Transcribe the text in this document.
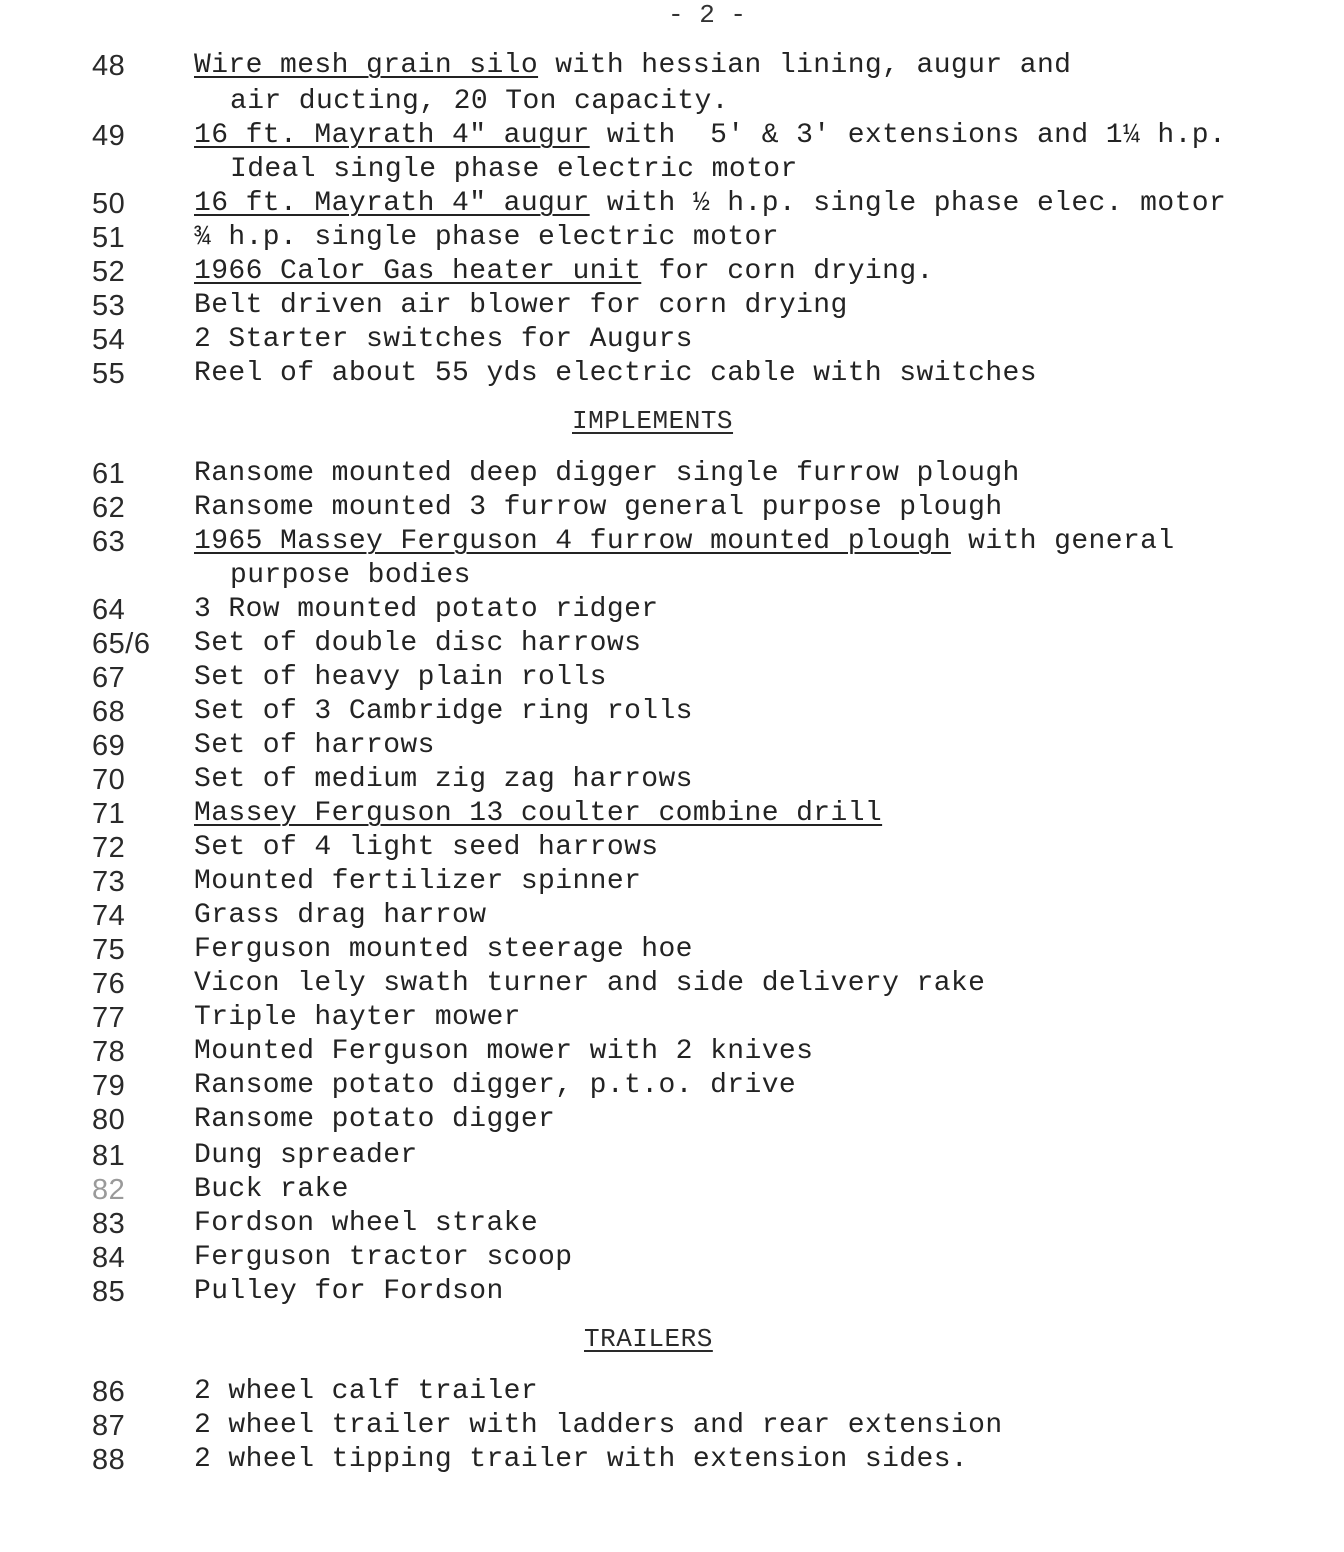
- 2 -
48 Wire mesh grain silo with hessian lining, augur and
air ducting, 20 Ton capacity.
49 16 ft. Mayrath 4" augur with  5' & 3' extensions and 1¼ h.p.
Ideal single phase electric motor
50 16 ft. Mayrath 4" augur with ½ h.p. single phase elec. motor
51 ¾ h.p. single phase electric motor
52 1966 Calor Gas heater unit for corn drying.
53 Belt driven air blower for corn drying
54 2 Starter switches for Augurs
55 Reel of about 55 yds electric cable with switches
IMPLEMENTS
61 Ransome mounted deep digger single furrow plough
62 Ransome mounted 3 furrow general purpose plough
63 1965 Massey Ferguson 4 furrow mounted plough with general
purpose bodies
64 3 Row mounted potato ridger
65/6 Set of double disc harrows
67 Set of heavy plain rolls
68 Set of 3 Cambridge ring rolls
69 Set of harrows
70 Set of medium zig zag harrows
71 Massey Ferguson 13 coulter combine drill
72 Set of 4 light seed harrows
73 Mounted fertilizer spinner
74 Grass drag harrow
75 Ferguson mounted steerage hoe
76 Vicon lely swath turner and side delivery rake
77 Triple hayter mower
78 Mounted Ferguson mower with 2 knives
79 Ransome potato digger, p.t.o. drive
80 Ransome potato digger
81 Dung spreader
82 Buck rake
83 Fordson wheel strake
84 Ferguson tractor scoop
85 Pulley for Fordson
TRAILERS
86 2 wheel calf trailer
87 2 wheel trailer with ladders and rear extension
88 2 wheel tipping trailer with extension sides.
